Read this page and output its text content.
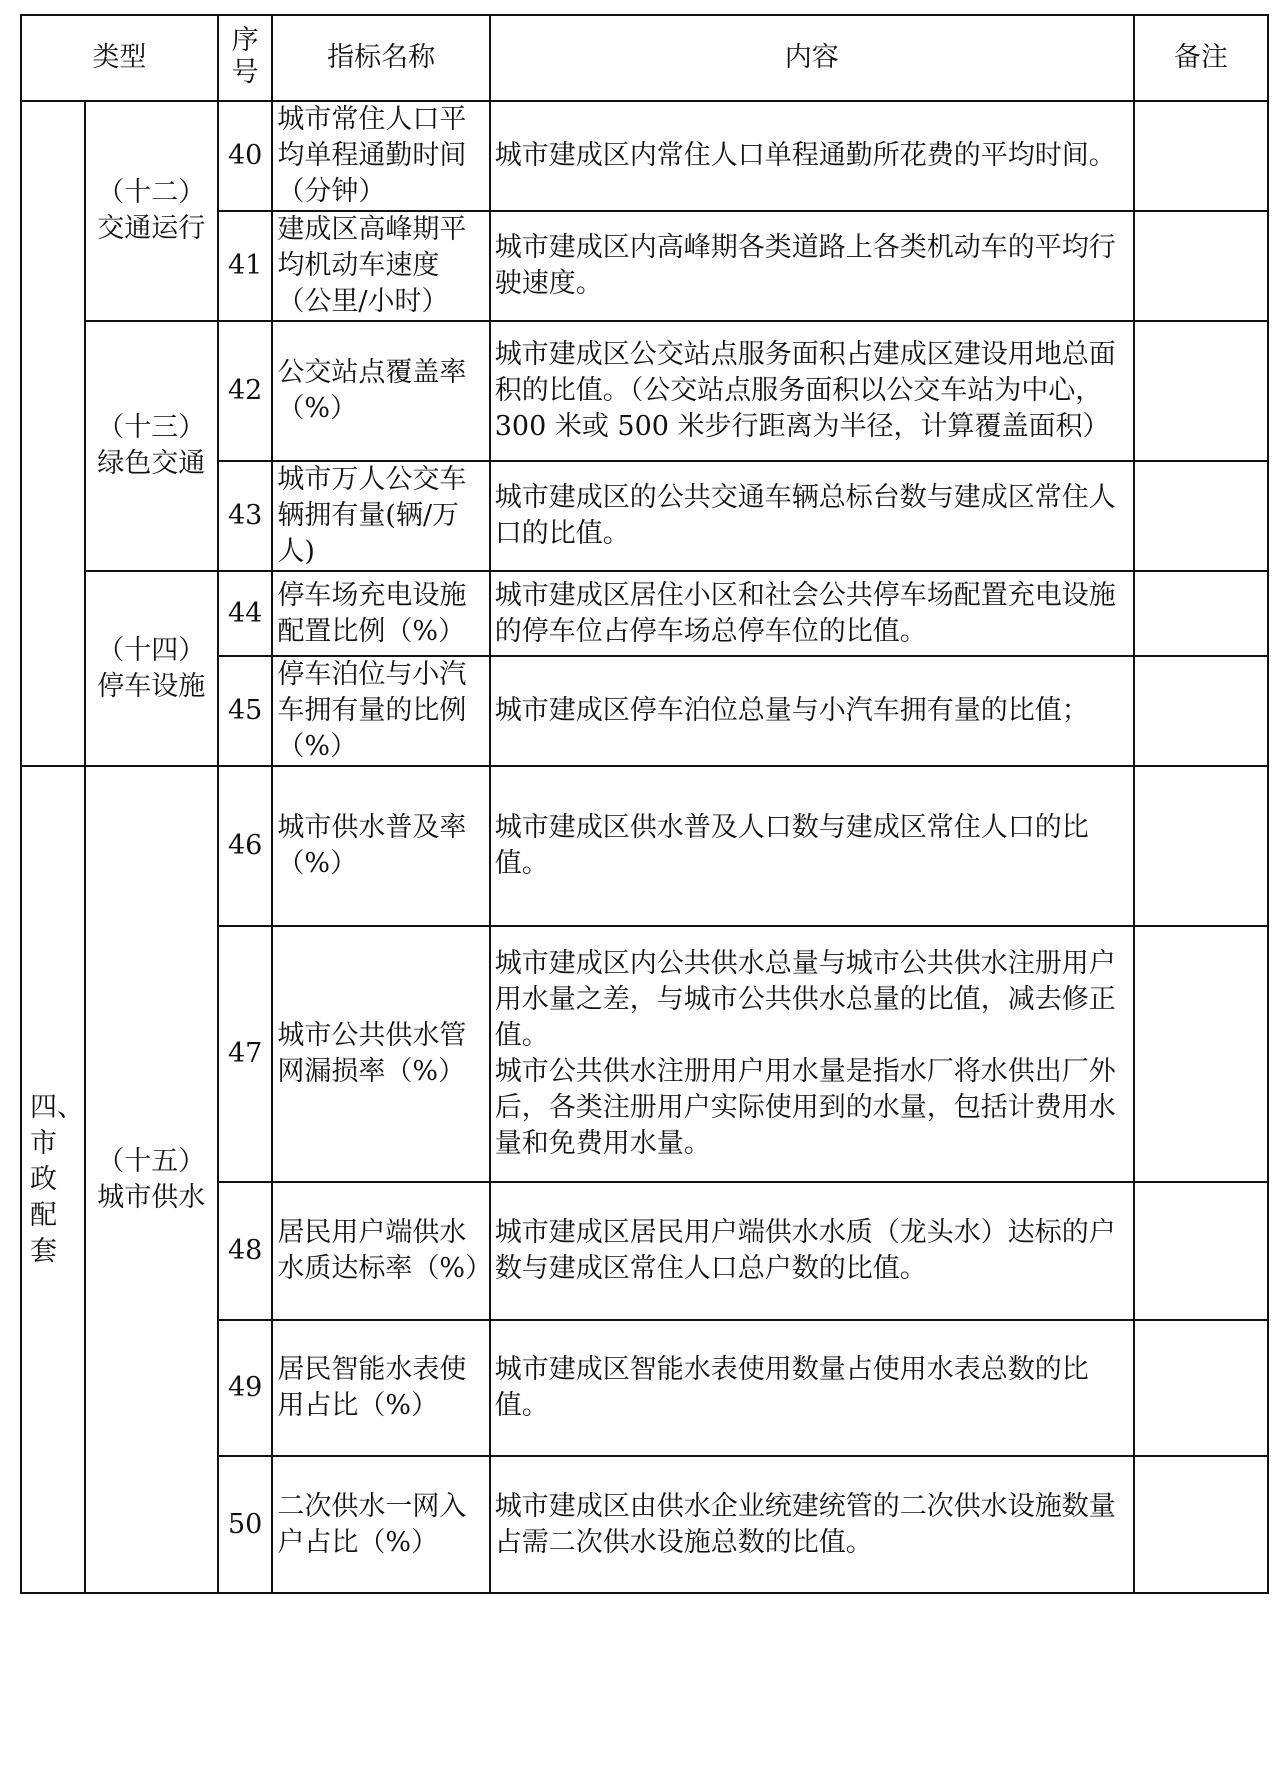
类型		序号	指标名称	内容	备注

	（十二）交通运行	40	城市常住人口平均单程通勤时间（分钟）	城市建成区内常住人口单程通勤所花费的平均时间。	
		41	建成区高峰期平均机动车速度（公里/小时）	城市建成区内高峰期各类道路上各类机动车的平均行驶速度。	

	（十三）绿色交通	42	公交站点覆盖率（%）	城市建成区公交站点服务面积占建成区建设用地总面积的比值。（公交站点服务面积以公交车站为中心，300 米或 500 米步行距离为半径，计算覆盖面积）	
		43	城市万人公交车辆拥有量(辆/万人)	城市建成区的公共交通车辆总标台数与建成区常住人口的比值。	

	（十四）停车设施	44	停车场充电设施配置比例（%）	城市建成区居住小区和社会公共停车场配置充电设施的停车位占停车场总停车位的比值。	
		45	停车泊位与小汽车拥有量的比例（%）	城市建成区停车泊位总量与小汽车拥有量的比值；	

四、市政配套	（十五）城市供水	46	城市供水普及率（%）	城市建成区供水普及人口数与建成区常住人口的比值。	
		47	城市公共供水管网漏损率（%）	城市建成区内公共供水总量与城市公共供水注册用户用水量之差，与城市公共供水总量的比值，减去修正值。
城市公共供水注册用户用水量是指水厂将水供出厂外后，各类注册用户实际使用到的水量，包括计费用水量和免费用水量。	

		48	居民用户端供水水质达标率（%）	城市建成区居民用户端供水水质（龙头水）达标的户数与建成区常住人口总户数的比值。	
		49	居民智能水表使用占比（%）	城市建成区智能水表使用数量占使用水表总数的比值。	
		50	二次供水一网入户占比（%）	城市建成区由供水企业统建统管的二次供水设施数量占需二次供水设施总数的比值。	
